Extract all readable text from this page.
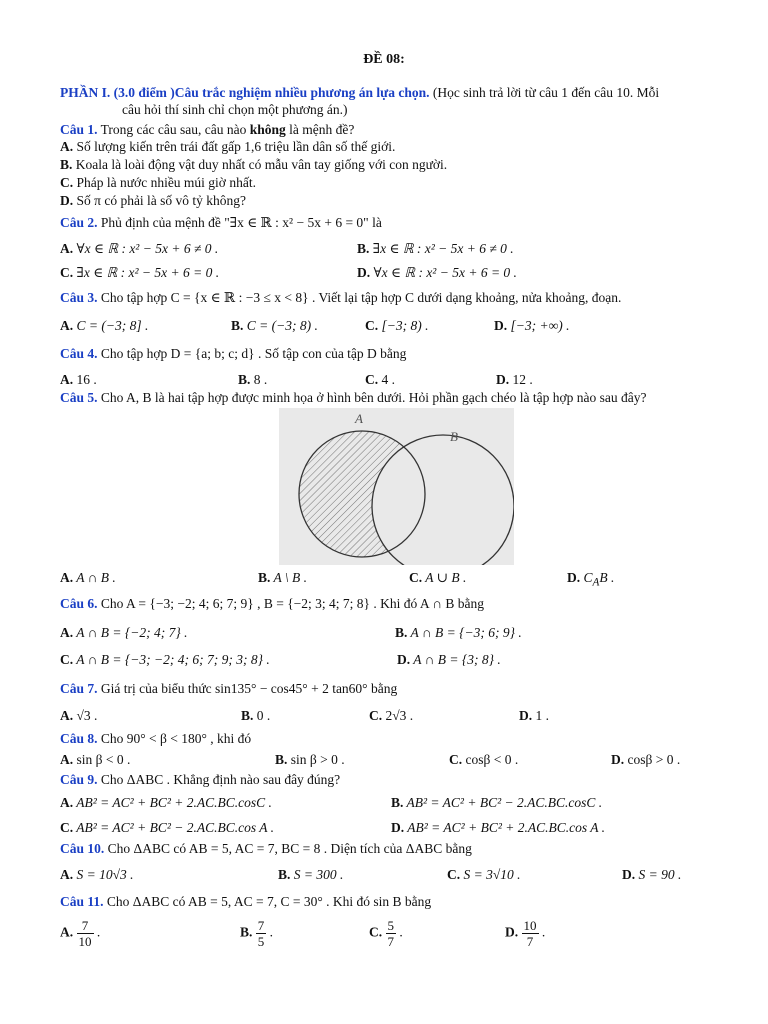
ĐỀ 08:
PHẦN I. (3.0 điểm )Câu trắc nghiệm nhiều phương án lựa chọn. (Học sinh trả lời từ câu 1 đến câu 10. Mỗi
câu hỏi thí sinh chỉ chọn một phương án.)
Câu 1. Trong các câu sau, câu nào không là mệnh đề?
A. Số lượng kiến trên trái đất gấp 1,6 triệu lần dân số thế giới.
B. Koala là loài động vật duy nhất có mẫu vân tay giống với con người.
C. Pháp là nước nhiều múi giờ nhất.
D. Số π có phải là số vô tỷ không?
Câu 2. Phủ định của mệnh đề "∃x ∈ ℝ : x² − 5x + 6 = 0" là
A. ∀x ∈ ℝ : x² − 5x + 6 ≠ 0 .	B. ∃x ∈ ℝ : x² − 5x + 6 ≠ 0 .
C. ∃x ∈ ℝ : x² − 5x + 6 = 0 .	D. ∀x ∈ ℝ : x² − 5x + 6 = 0 .
Câu 3. Cho tập hợp C = {x ∈ ℝ : −3 ≤ x < 8} . Viết lại tập hợp C dưới dạng khoảng, nửa khoảng, đoạn.
A. C = (−3; 8] .	B. C = (−3; 8) .	C. [−3; 8) .	D. [−3; +∞) .
Câu 4. Cho tập hợp D = {a; b; c; d} . Số tập con của tập D bằng
A. 16 .	B. 8 .	C. 4 .	D. 12 .
Câu 5. Cho A, B là hai tập hợp được minh họa ở hình bên dưới. Hỏi phần gạch chéo là tập hợp nào sau đây?
A
B
A. A ∩ B .	B. A \ B .	C. A ∪ B .	D. $C_AB$ .
Câu 6. Cho A = {−3; −2; 4; 6; 7; 9} , B = {−2; 3; 4; 7; 8} . Khi đó A ∩ B bằng
A. A ∩ B = {−2; 4; 7} .	B. A ∩ B = {−3; 6; 9} .
C. A ∩ B = {−3; −2; 4; 6; 7; 9; 3; 8} .	D. A ∩ B = {3; 8} .
Câu 7. Giá trị của biểu thức sin135° − cos45° + 2 tan60° bằng
A. √3 .	B. 0 .	C. 2√3 .	D. 1 .
Câu 8. Cho 90° < β < 180° , khi đó
A. sin β < 0 .	B. sin β > 0 .	C. cosβ < 0 .	D. cosβ > 0 .
Câu 9. Cho ΔABC . Khẳng định nào sau đây đúng?
A. AB² = AC² + BC² + 2.AC.BC.cosC .	B. AB² = AC² + BC² − 2.AC.BC.cosC .
C. AB² = AC² + BC² − 2.AC.BC.cos A .	D. AB² = AC² + BC² + 2.AC.BC.cos A .
Câu 10. Cho ΔABC có AB = 5, AC = 7, BC = 8 . Diện tích của ΔABC bằng
A. S = 10√3 .	B. S = 300 .	C. S = 3√10 .	D. S = 90 .
Câu 11. Cho ΔABC có AB = 5, AC = 7, C = 30° . Khi đó sin B bằng
A. $\frac{7}{10}$ .	B. $\frac{7}{5}$ .	C. $\frac{5}{7}$ .	D. $\frac{10}{7}$ .
